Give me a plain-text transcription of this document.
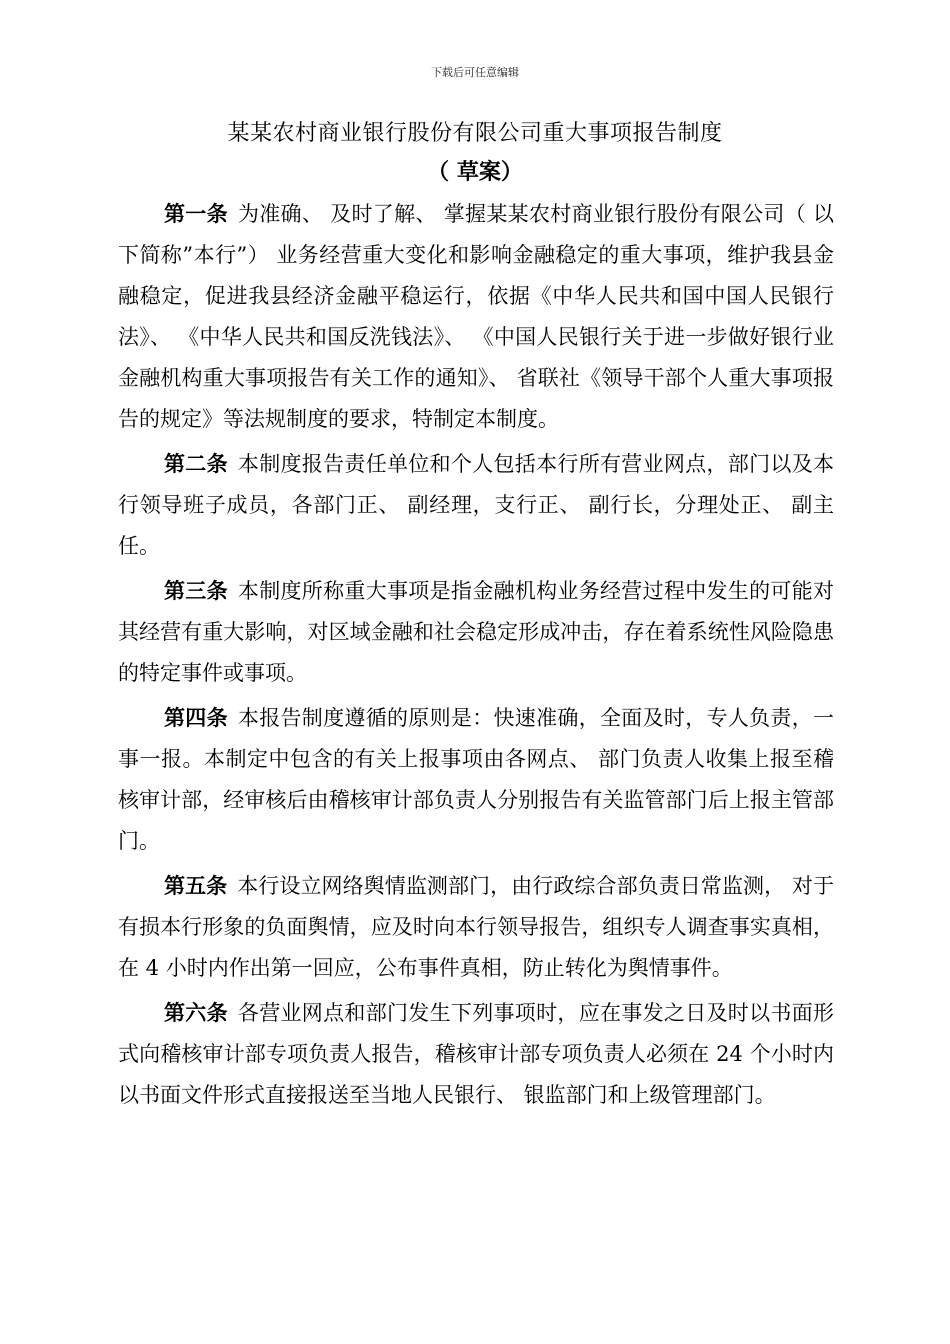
下载后可任意编辑
某某农村商业银行股份有限公司重大事项报告制度
（ 草案）

第一条 为准确、 及时了解、 掌握某某农村商业银行股份有限公司（ 以下简称”本行”） 业务经营重大变化和影响金融稳定的重大事项，维护我县金融稳定，促进我县经济金融平稳运行，依据《中华人民共和国中国人民银行法》、 《中华人民共和国反洗钱法》、 《中国人民银行关于进一步做好银行业金融机构重大事项报告有关工作的通知》、 省联社《领导干部个人重大事项报告的规定》等法规制度的要求，特制定本制度。

第二条 本制度报告责任单位和个人包括本行所有营业网点，部门以及本行领导班子成员，各部门正、 副经理，支行正、 副行长，分理处正、 副主任。

第三条 本制度所称重大事项是指金融机构业务经营过程中发生的可能对其经营有重大影响，对区域金融和社会稳定形成冲击，存在着系统性风险隐患的特定事件或事项。

第四条 本报告制度遵循的原则是：快速准确，全面及时，专人负责，一事一报。本制定中包含的有关上报事项由各网点、 部门负责人收集上报至稽核审计部，经审核后由稽核审计部负责人分别报告有关监管部门后上报主管部门。

第五条 本行设立网络舆情监测部门，由行政综合部负责日常监测， 对于有损本行形象的负面舆情，应及时向本行领导报告，组织专人调查事实真相，在 4 小时内作出第一回应，公布事件真相，防止转化为舆情事件。

第六条 各营业网点和部门发生下列事项时，应在事发之日及时以书面形式向稽核审计部专项负责人报告，稽核审计部专项负责人必须在 24 个小时内以书面文件形式直接报送至当地人民银行、 银监部门和上级管理部门。
